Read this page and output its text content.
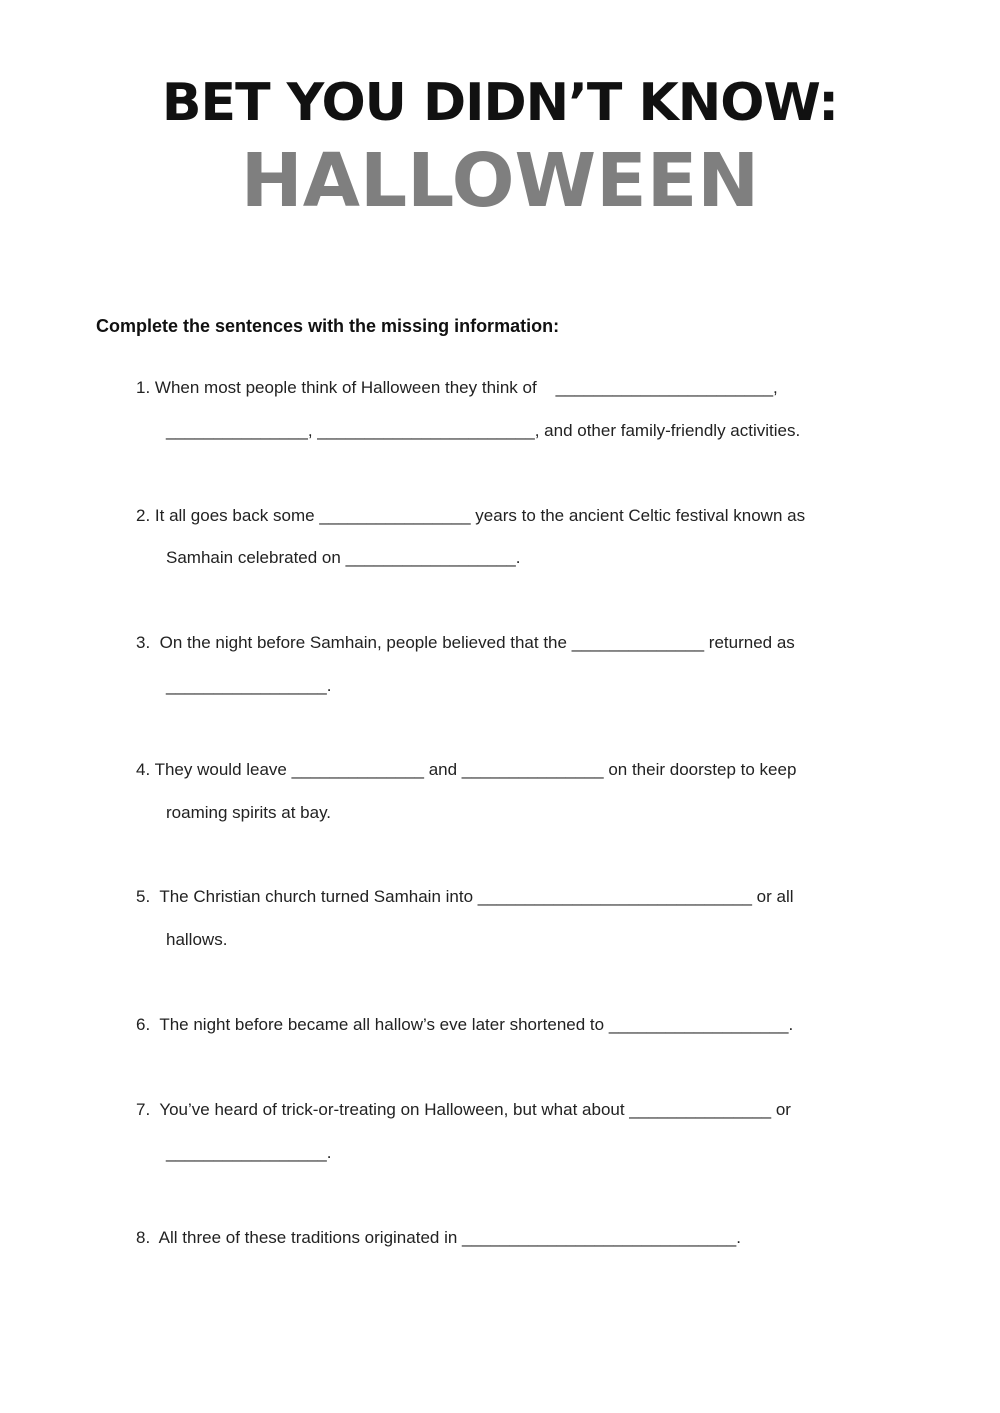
BET YOU DIDN’T KNOW:
HALLOWEEN
Complete the sentences with the missing information:
1. When most people think of Halloween they think of    _______________________,
_______________, _______________________, and other family-friendly activities.
2. It all goes back some ________________ years to the ancient Celtic festival known as
Samhain celebrated on __________________.
3.  On the night before Samhain, people believed that the ______________ returned as
_________________.
4. They would leave ______________ and _______________ on their doorstep to keep
roaming spirits at bay.
5.  The Christian church turned Samhain into _____________________________ or all
hallows.
6.  The night before became all hallow’s eve later shortened to ___________________.
7.  You’ve heard of trick-or-treating on Halloween, but what about _______________ or
_________________.
8.  All three of these traditions originated in _____________________________.
